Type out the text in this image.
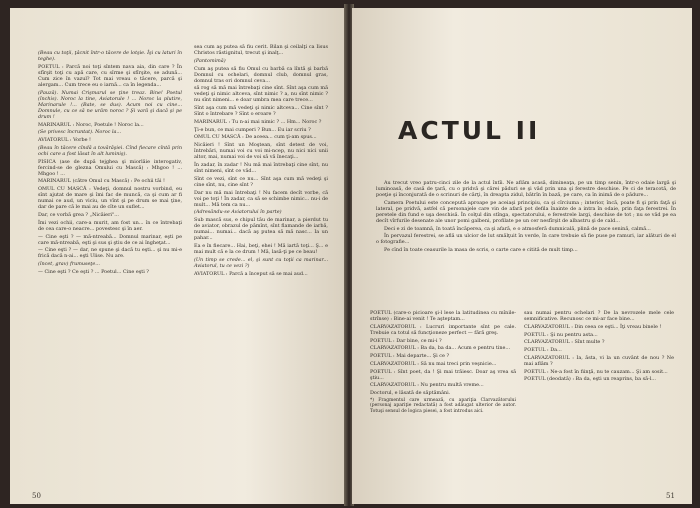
(Beau cu toţii, ţâcnit într-o tăcere de lotşie. Îşi cu laturi în teghe).

POETUL : Parcă noi toţi sîntem nava aia, din care ? În sfîrşit toţi cu apă care, cu sîrme şi sfîrşite, se adună... Cum zice în vazul? Tot mai vreau o tăcere, parcă şi alergam... Cum trece eu o iarnă... ca în legenda...

(Pauză). Numai Crişmarul se ţine treaz. Bine! Poetul (închis). Noroc la tine, Aviatorule ! ... Noroc la plutire, Marinarule !... (Bate, se dus). Acum noi cu cine... Domnule, cu ce să ne urăm noroc ? Şi vară şi dacă şi pe drum !

MARINARUL : Noroc, Poetule ! Noroc la...

(Se privesc încruntat). Noroc la...

AVIATORUL : Vorbe !

(Beau în tăcere cîndă a tovărăşiei. Cînd fiecare cîntă prin ochi care a fost lăsat în alt luminiş).

PISICA (ase de după tejghea şi miorlăie interogativ, fercind-se de glezna Omului cu Mască) : Mhgoo ! ... Mhgoo ! ...

MARINARUL (către Omul cu Mască) : Pe ochii tăi !

OMUL CU MASCĂ : Vedeţi, domnul nostru vorbind, eu sînt ajutat de mare şi îmi fac de muncă, ca şi cum ar fi numai ce aud, un viciu, un vînt şi pe drum se mai ţine, dar de pare că le mai au de cîte un suflet...

Dar, ce vorbă grea ? „Nicăieri"...

Îmi vezi ochii, care-a murit, am fost un... în ce întrebaţi de cea care-o neacre... povestesc şi în aer.

— Cine eşti ? — mă-ntreabă... Domnul marinar, eşti pe care mă-ntreabă, eşti şi sus şi ştiu de ce ai îngheţat...

— Cine eşti ? — dar, ne spune şi dacă tu eşti... şi nu mi-e frică dacă n-ai... eşti Ulise. Nu are.

(încet, grav) frumuseţe...

— Cine eşti ? Ce eşti ? ... Poetul... Cine eşti ?

sea cum aş putea să fiu cerit. Bilan şi ceilalţi ca Iisus Christos răstignitul, trecut şi inalţ...

(Pantomimă)

Cum aş putea să fiu Omul cu barbă ca lîntă şi barbă Domnul cu ochelari, domnul club, domnul gras, domnul tras ori domnul ceva...

să rog să mă mai întrebaţi cine sînt. Sînt aşa cum mă vedeţi şi nimic altceva, sînt nimic ? a, nu sînt nimic ? nu sînt nimeni... e doar umbra mea care trece...

Sînt aşa cum mă vedeţi şi nimic altceva... Cine sînt ? Sînt o întrebare ? Sînt o eroare ?

MARINARUL : Tu n-ai mai nimic ? ... Hm... Noroc ?

Ţi-e bun, ce mai cumperi ? Bun... Eu iar scriu ?

OMUL CU MASCĂ : De aceea... cum ţi-am spus...

Nicăieri ! Sînt un Moştean, sînt detest de voi, întrebări, numai voi cu voi mi-ncep, nu nici nici unii altor, mai, numai voi de voi să vă înecaţi...

În zadar, în zadar ! Nu mă mai întrebaţi cine sînt, nu sînt nimeni, sînt ce văd...

Sînt ce vezi, sînt ce nu... Sînt aşa cum mă vedeţi şi cine sînt, nu, cine sînt ?

Dar nu mă mai întrebaţi ! Nu facem decît vorbe, că voi pe toţi ! În zadar, ca să se schimbe nimic... nu-i de mult... Mă tem ca nu...

(Adresându-se Aviatorului în parte)

Sub mască sus, e chipul tău de marinar, a pierdut tu de aviator, obrazul de pămînt, sînt flamande de iarbă, numai... numai... dacă aş putea să mă nasc... Ia un pahar...

Ea e în fiecare... Hai, beţi, ehei ! Mă iartă toţi... Ş... e mai mult că e la ce drum ! Mă, lasă-ţi pe ce beau!

(Un timp se crede... el, şi sunt cu toţii ca marinar... Aviatorul, tu ce vezi ?)

AVIATORUL : Parcă a început să se mai aud...

50
ACTUL II

Au trecut vreo patru-cinci zile de la actul întîi. Ne aflăm acasă, dimineaţa, pe un timp senin, într-o odaie largă şi luminoasă, de casă de ţară, cu o pridvă şi cărei păduri se şi văd prin una şi ferestre deschise. Pe ci de teracotă, de poeţie şi înconjurată de o scrinuri de cărţi, în dreapta zidul, bătrîn în bază, pe care, ca în inimă de o pădure...

Camera Poetului este concepută aproape pe aceiaşi principiu, ca şi cîrciuma ; interior, încă, poate fi şi prin faţă şi lateral, pe pridvă, astfel că personajele care vin de afară pot defila înainte de a intra în odaie, prin faţa ferestrei. În peretele din fund e uşa deschisă. În colţul din stînga, spectatorului, e ferestrele largi, deschise de tot ; nu se văd pe ea decît vîrfurile desenate ale unor pomi galbeni, profilate pe un cer nesfîrşit de albastru şi de cald...

Deci e zi de toamnă, în toată încăperea, ca şi afară, e o atmosferă dumnicală, plină de pace senină, calmă...

În pervazul ferestrei, se află un ulcior de lut smălţuit în verde, în care trebuie să fie puse pe ramuri, iar alături de el o fotografie...

Pe cînd în toate ceasurile la masa de scris, o carte care e citită de mult timp...

POETUL (care-o picioare şi-l lese la latitudinea cu mînile-strînse) : Bine-ai venit ! Te aşteptam...

CLARVAZATORUL : Lucruri importante sînt pe cale. Trebuie ca totul să funcţioneze perfect — fără greş.

POETUL : Dar bine, ce mi-i ?

CLARVAZATORUL : Ba da, ba da... Acum e pentru tine...

POETUL : Mai departe... Şi ce ?

CLARVAZATORUL : Să nu mai treci prin veşnicie...

POETUL : Sînt poet, da ! Şi mai trăiesc. Doar aş vrea să ştiu...

CLARVAZATORUL : Nu pentru multă vreme...

Doctorul, e lăsată de săptămâni.

*) Fragmentul care urmează, cu apariţia Clarvazătorului (personaj apariţie redactată) a fost adăugat ulterior de autor. Totuşi sensul de logica piesei, a fost introdus aici.

sau numai pentru ochelari ? De la nevrozele mele cele semnificative. Recunosc ce mi-ar face bine...

CLARVAZATORUL : Din ceea ce eşti... Îţi vreau binele !

POETUL : Şi nu pentru asta...

CLARVAZATORUL : Sînt multe ?

POETUL : Da...

CLARVAZATORUL : Ia, ăsta, vi la un cuvânt de nou ? Ne mai aflăm ?

POETUL : Ne-a fost în fiinţă, nu te cauzam... Şi am sosit...

POETUL (deodată) : Ba da, eşti un reaprins, ba să-l...

51
